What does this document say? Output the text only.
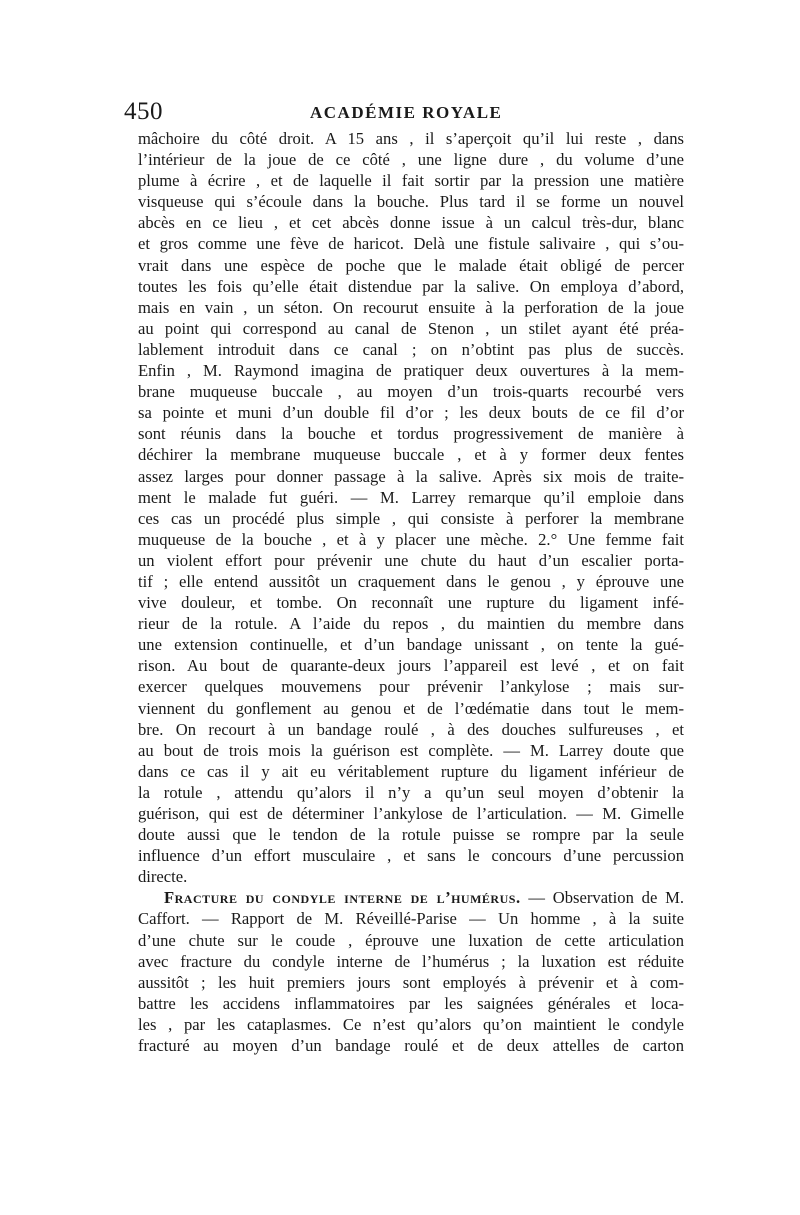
450	ACADÉMIE ROYALE
mâchoire du côté droit. A 15 ans , il s’aperçoit qu’il lui reste , dans
l’intérieur de la joue de ce côté , une ligne dure , du volume d’une
plume à écrire , et de laquelle il fait sortir par la pression une matière
visqueuse qui s’écoule dans la bouche. Plus tard il se forme un nouvel
abcès en ce lieu , et cet abcès donne issue à un calcul très-dur, blanc
et gros comme une fève de haricot. Delà une fistule salivaire , qui s’ou-
vrait dans une espèce de poche que le malade était obligé de percer
toutes les fois qu’elle était distendue par la salive. On employa d’abord,
mais en vain , un séton. On recourut ensuite à la perforation de la joue
au point qui correspond au canal de Stenon , un stilet ayant été préa-
lablement introduit dans ce canal ; on n’obtint pas plus de succès.
Enfin , M. Raymond imagina de pratiquer deux ouvertures à la mem-
brane muqueuse buccale , au moyen d’un trois-quarts recourbé vers
sa pointe et muni d’un double fil d’or ; les deux bouts de ce fil d’or
sont réunis dans la bouche et tordus progressivement de manière à
déchirer la membrane muqueuse buccale , et à y former deux fentes
assez larges pour donner passage à la salive. Après six mois de traite-
ment le malade fut guéri. — M. Larrey remarque qu’il emploie dans
ces cas un procédé plus simple , qui consiste à perforer la membrane
muqueuse de la bouche , et à y placer une mèche. 2.° Une femme fait
un violent effort pour prévenir une chute du haut d’un escalier porta-
tif ; elle entend aussitôt un craquement dans le genou , y éprouve une
vive douleur, et tombe. On reconnaît une rupture du ligament infé-
rieur de la rotule. A l’aide du repos , du maintien du membre dans
une extension continuelle, et d’un bandage unissant , on tente la gué-
rison. Au bout de quarante-deux jours l’appareil est levé , et on fait
exercer quelques mouvemens pour prévenir l’ankylose ; mais sur-
viennent du gonflement au genou et de l’œdématie dans tout le mem-
bre. On recourt à un bandage roulé , à des douches sulfureuses , et
au bout de trois mois la guérison est complète. — M. Larrey doute que
dans ce cas il y ait eu véritablement rupture du ligament inférieur de
la rotule , attendu qu’alors il n’y a qu’un seul moyen d’obtenir la
guérison, qui est de déterminer l’ankylose de l’articulation. — M. Gimelle
doute aussi que le tendon de la rotule puisse se rompre par la seule
influence d’un effort musculaire , et sans le concours d’une percussion
directe.
Fracture du condyle interne de l’humérus. — Observation de M.
Caffort. — Rapport de M. Réveillé-Parise — Un homme , à la suite
d’une chute sur le coude , éprouve une luxation de cette articulation
avec fracture du condyle interne de l’humérus ; la luxation est réduite
aussitôt ; les huit premiers jours sont employés à prévenir et à com-
battre les accidens inflammatoires par les saignées générales et loca-
les , par les cataplasmes. Ce n’est qu’alors qu’on maintient le condyle
fracturé au moyen d’un bandage roulé et de deux attelles de carton
